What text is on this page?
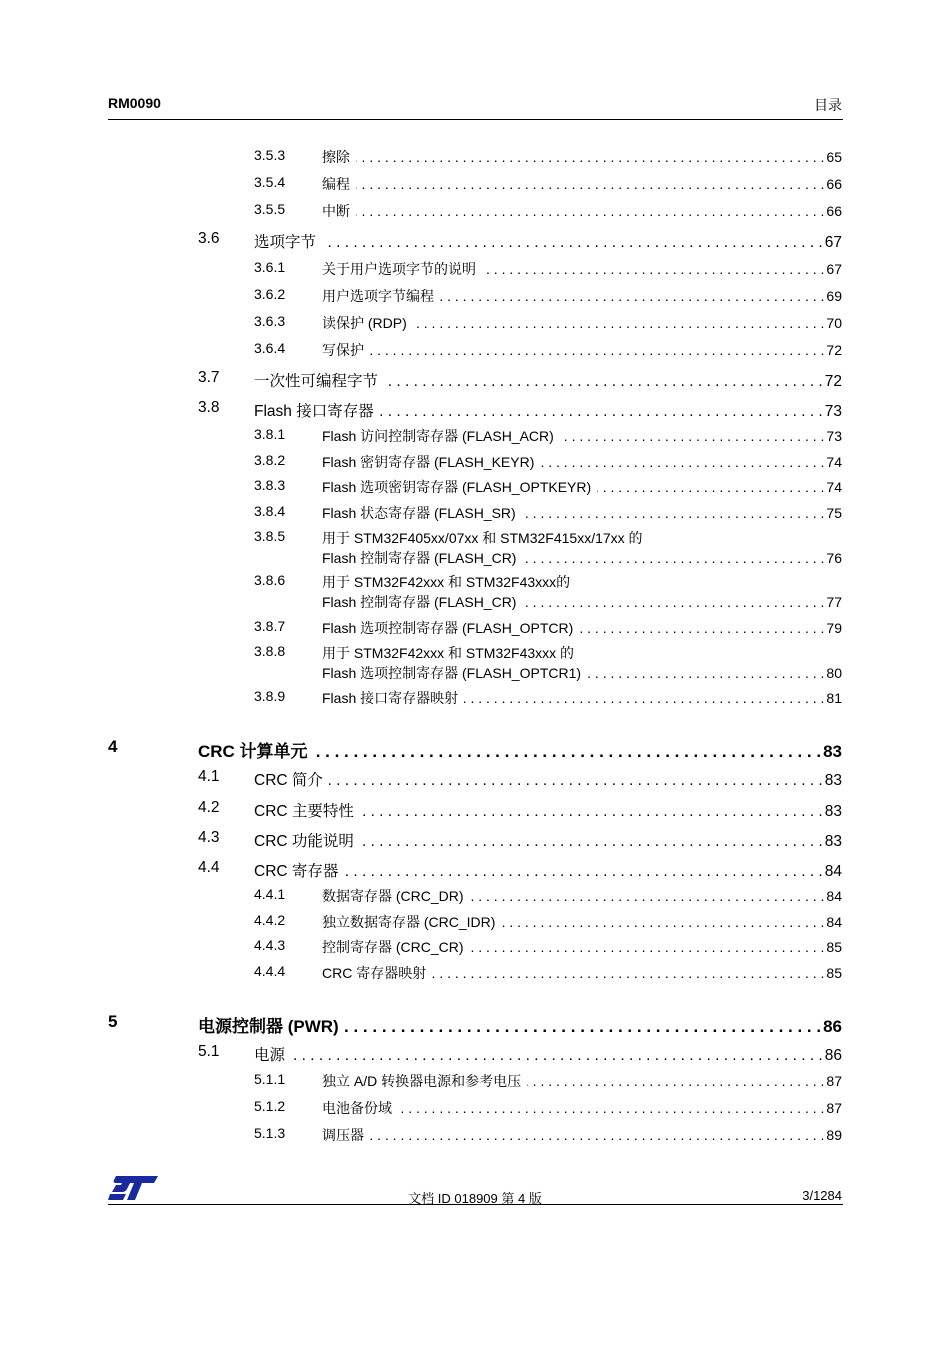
RM0090	目录
3.5.3	擦除 . . .	65
3.5.4	编程 . . .	66
3.5.5	中断 . . .	66
3.6 选项字节 . . .	67
3.6.1	关于用户选项字节的说明 . . .	67
3.6.2	用户选项字节编程 . . .	69
3.6.3	读保护 (RDP) . . .	70
3.6.4	写保护 . . .	72
3.7 一次性可编程字节 . . .	72
3.8 Flash 接口寄存器 . . .	73
3.8.1	Flash 访问控制寄存器 (FLASH_ACR) . . .	73
3.8.2	Flash 密钥寄存器 (FLASH_KEYR) . . .	74
3.8.3	Flash 选项密钥寄存器 (FLASH_OPTKEYR) . . .	74
3.8.4	Flash 状态寄存器 (FLASH_SR) . . .	75
3.8.5	用于 STM32F405xx/07xx 和 STM32F415xx/17xx 的
Flash 控制寄存器 (FLASH_CR) . . .	76
3.8.6	用于 STM32F42xxx 和 STM32F43xxx的
Flash 控制寄存器 (FLASH_CR) . . .	77
3.8.7	Flash 选项控制寄存器 (FLASH_OPTCR) . . .	79
3.8.8	用于 STM32F42xxx 和 STM32F43xxx 的
Flash 选项控制寄存器 (FLASH_OPTCR1) . . .	80
3.8.9	Flash 接口寄存器映射 . . .	81
4	CRC 计算单元 . . .	83
4.1 CRC 简介 . . .	83
4.2 CRC 主要特性 . . .	83
4.3 CRC 功能说明 . . .	83
4.4 CRC 寄存器 . . .	84
4.4.1	数据寄存器 (CRC_DR) . . .	84
4.4.2	独立数据寄存器 (CRC_IDR) . . .	84
4.4.3	控制寄存器 (CRC_CR) . . .	85
4.4.4	CRC 寄存器映射 . . .	85
5	电源控制器 (PWR) . . .	86
5.1 电源 . . .	86
5.1.1	独立 A/D 转换器电源和参考电压 . . .	87
5.1.2	电池备份域 . . .	87
5.1.3	调压器 . . .	89
文档 ID 018909 第 4 版	3/1284
